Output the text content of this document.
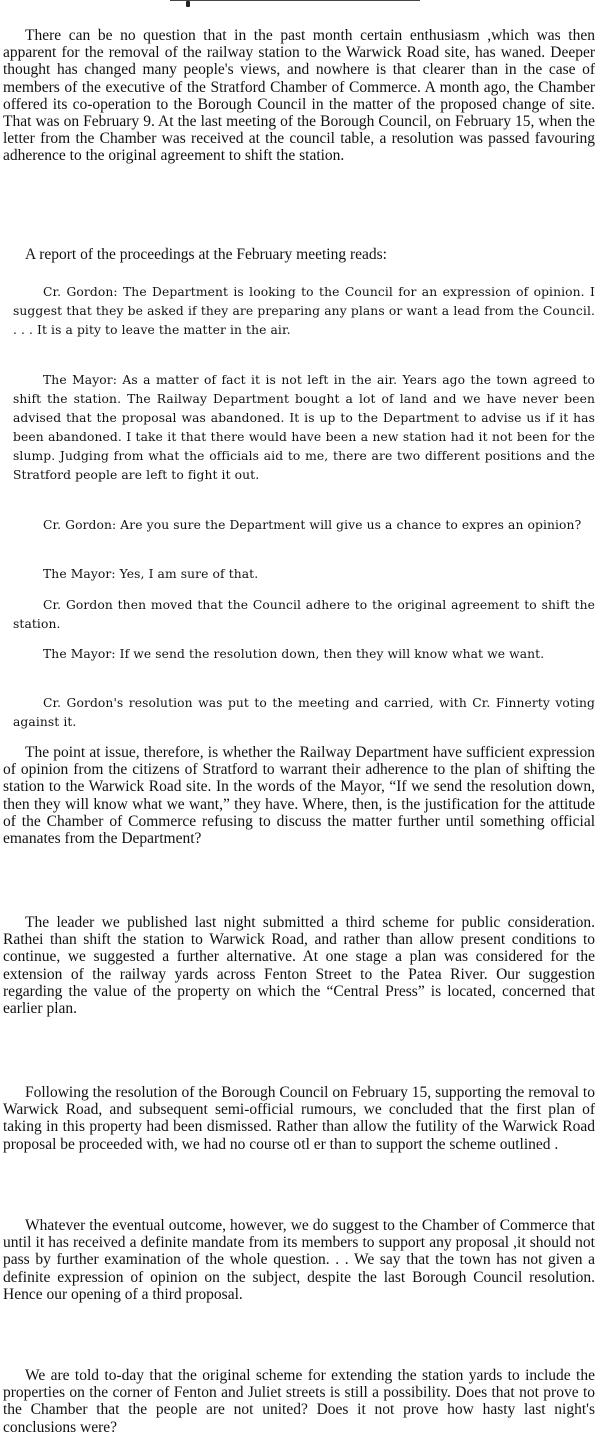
There can be no question that in the past month certain enthusiasm ,which was then apparent for the removal of the railway station to the Warwick Road site, has waned. Deeper thought has changed many people's views, and nowhere is that clearer than in the case of members of the executive of the Stratford Chamber of Commerce. A month ago, the Chamber offered its co-operation to the Borough Council in the matter of the proposed change of site. That was on February 9. At the last meeting of the Borough Council, on February 15, when the letter from the Chamber was received at the council table, a resolution was passed favouring adherence to the original agreement to shift the station.

A report of the proceedings at the February meeting reads:

Cr. Gordon: The Department is looking to the Council for an expression of opinion. I suggest that they be asked if they are preparing any plans or want a lead from the Council. . . . It is a pity to leave the matter in the air.

The Mayor: As a matter of fact it is not left in the air. Years ago the town agreed to shift the station. The Railway Department bought a lot of land and we have never been advised that the proposal was abandoned. It is up to the Department to advise us if it has been abandoned. I take it that there would have been a new station had it not been for the slump. Judging from what the officials aid to me, there are two different positions and the Stratford people are left to fight it out.

Cr. Gordon: Are you sure the Department will give us a chance to expres an opinion?

The Mayor: Yes, I am sure of that.

Cr. Gordon then moved that the Council adhere to the original agreement to shift the station.

The Mayor: If we send the resolution down, then they will know what we want.

Cr. Gordon's resolution was put to the meeting and carried, with Cr. Finnerty voting against it.

The point at issue, therefore, is whether the Railway Department have sufficient expression of opinion from the citizens of Stratford to warrant their adherence to the plan of shifting the station to the Warwick Road site. In the words of the Mayor, “If we send the resolution down, then they will know what we want,” they have. Where, then, is the justification for the attitude of the Chamber of Commerce refusing to discuss the matter further until something official emanates from the Department?

The leader we published last night submitted a third scheme for public consideration. Rathei than shift the station to Warwick Road, and rather than allow present conditions to continue, we suggested a further alternative. At one stage a plan was considered for the extension of the railway yards across Fenton Street to the Patea River. Our suggestion regarding the value of the property on which the “Central Press” is located, concerned that earlier plan.

Following the resolution of the Borough Council on February 15, supporting the removal to Warwick Road, and subsequent semi-official rumours, we concluded that the first plan of taking in this property had been dismissed. Rather than allow the futility of the Warwick Road proposal be proceeded with, we had no course otl er than to support the scheme outlined .

Whatever the eventual outcome, however, we do suggest to the Chamber of Commerce that until it has received a definite mandate from its members to support any proposal ,it should not pass by further examination of the whole question. . . We say that the town has not given a definite expression of opinion on the subject, despite the last Borough Council resolution. Hence our opening of a third proposal.

We are told to-day that the original scheme for extending the station yards to include the properties on the corner of Fenton and Juliet streets is still a possibility. Does that not prove to the Chamber that the people are not united? Does it not prove how hasty last night's conclusions were?
